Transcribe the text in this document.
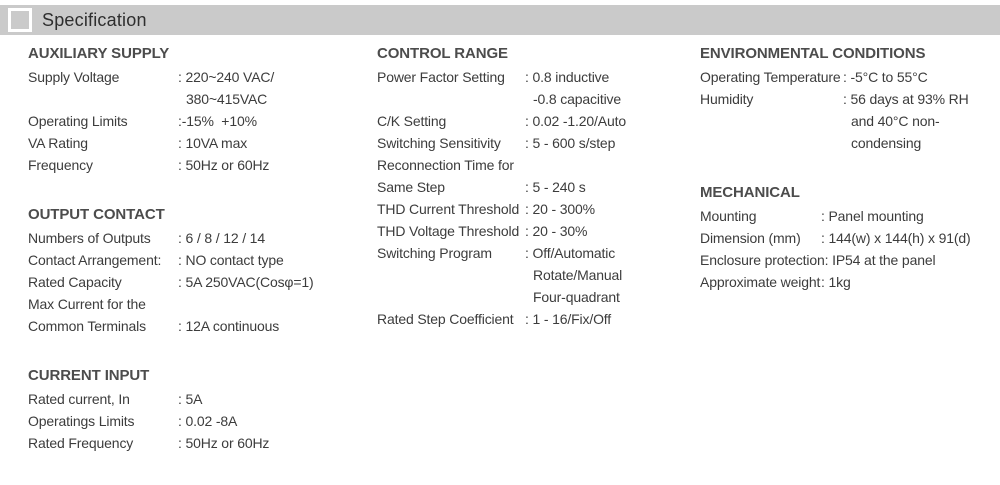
Specification
AUXILIARY SUPPLY
Supply Voltage	: 220~240 VAC/
380~415VAC
Operating Limits	:-15%  +10%
VA Rating	: 10VA max
Frequency	: 50Hz or 60Hz
OUTPUT CONTACT
Numbers of Outputs	: 6 / 8 / 12 / 14
Contact Arrangement:	: NO contact type
Rated Capacity	: 5A 250VAC(Cosφ=1)
Max Current for the
Common Terminals	: 12A continuous
CURRENT INPUT
Rated current, In	: 5A
Operatings Limits	: 0.02 -8A
Rated Frequency	: 50Hz or 60Hz
CONTROL RANGE
Power Factor Setting	: 0.8 inductive
-0.8 capacitive
C/K Setting	: 0.02 -1.20/Auto
Switching Sensitivity	: 5 - 600 s/step
Reconnection Time for
Same Step	: 5 - 240 s
THD Current Threshold : 20 - 300%
THD Voltage Threshold : 20 - 30%
Switching Program	: Off/Automatic
Rotate/Manual
Four-quadrant
Rated Step Coefficient : 1 - 16/Fix/Off
ENVIRONMENTAL CONDITIONS
Operating Temperature : -5°C to 55°C
Humidity	: 56 days at 93% RH
and 40°C non-
condensing
MECHANICAL
Mounting	: Panel mounting
Dimension (mm)	: 144(w) x 144(h) x 91(d)
Enclosure protection : IP54 at the panel
Approximate weight : 1kg
